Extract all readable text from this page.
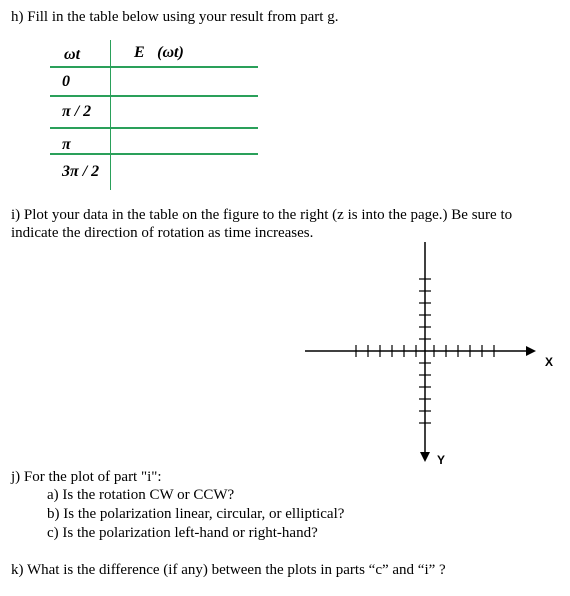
h) Fill in the table below using your result from part g.
ωt	E⃗(ωt)
0
π / 2
π
3π / 2
i) Plot your data in the table on the figure to the right (z is into the page.) Be sure to
indicate the direction of rotation as time increases.
X
Y
j) For the plot of part "i":
a) Is the rotation CW or CCW?
b) Is the polarization linear, circular, or elliptical?
c) Is the polarization left-hand or right-hand?
k) What is the difference (if any) between the plots in parts “c” and “i” ?
